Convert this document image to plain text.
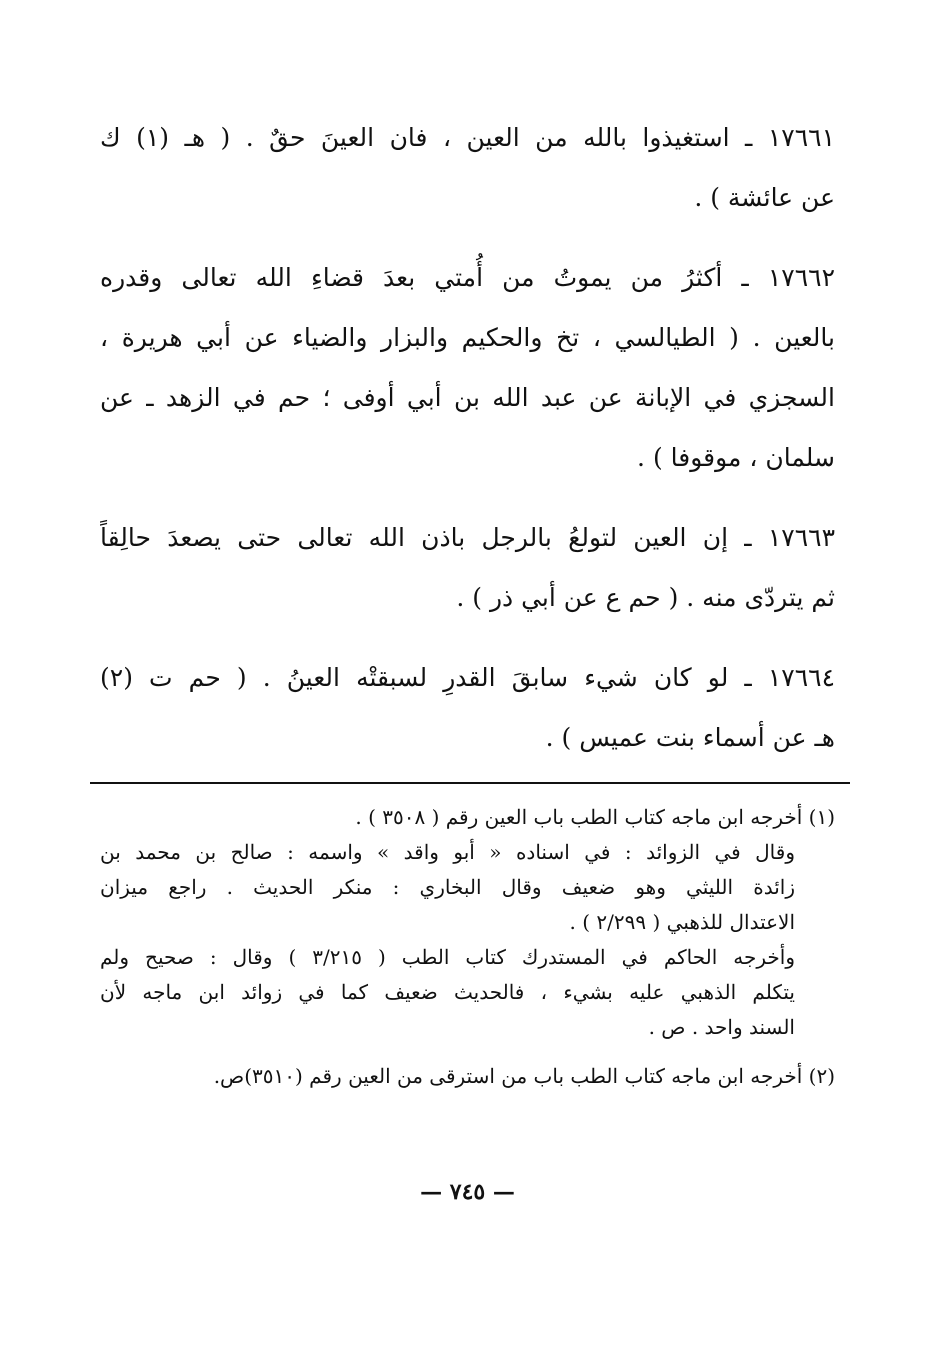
١٧٦٦١ ـ استغيذوا بالله من العين ، فان العينَ حقٌ . ( هـ (١) ك
عن عائشة ) .
١٧٦٦٢ ـ أكثرُ من يموتُ من أُمتي بعدَ قضاءِ الله تعالى وقدره
بالعين . ( الطيالسي ، تخ والحكيم والبزار والضياء عن أبي هريرة ،
السجزي في الإبانة عن عبد الله بن أبي أوفى ؛ حم في الزهد ـ عن
سلمان ، موقوفا ) .
١٧٦٦٣ ـ إن العين لتولعُ بالرجل باذن الله تعالى حتى يصعدَ حالِقاً
ثم يتردّى منه . ( حم ع عن أبي ذر ) .
١٧٦٦٤ ـ لو كان شيء سابقَ القدرِ لسبقتْه العينُ . ( حم ت (٢)
هـ عن أسماء بنت عميس ) .
(١) أخرجه ابن ماجه كتاب الطب باب العين رقم ( ٣٥٠٨ ) .
وقال في الزوائد : في اسناده « أبو واقد » واسمه : صالح بن محمد بن
زائدة الليثي وهو ضعيف وقال البخاري : منكر الحديث . راجع ميزان
الاعتدال للذهبي ( ٢/٢٩٩ ) .
وأخرجه الحاكم في المستدرك كتاب الطب ( ٣/٢١٥ ) وقال : صحيح ولم
يتكلم الذهبي عليه بشيء ، فالحديث ضعيف كما في زوائد ابن ماجه لأن
السند واحد . ص .
(٢) أخرجه ابن ماجه كتاب الطب باب من استرقى من العين رقم (٣٥١٠)ص.
— ٧٤٥ —
